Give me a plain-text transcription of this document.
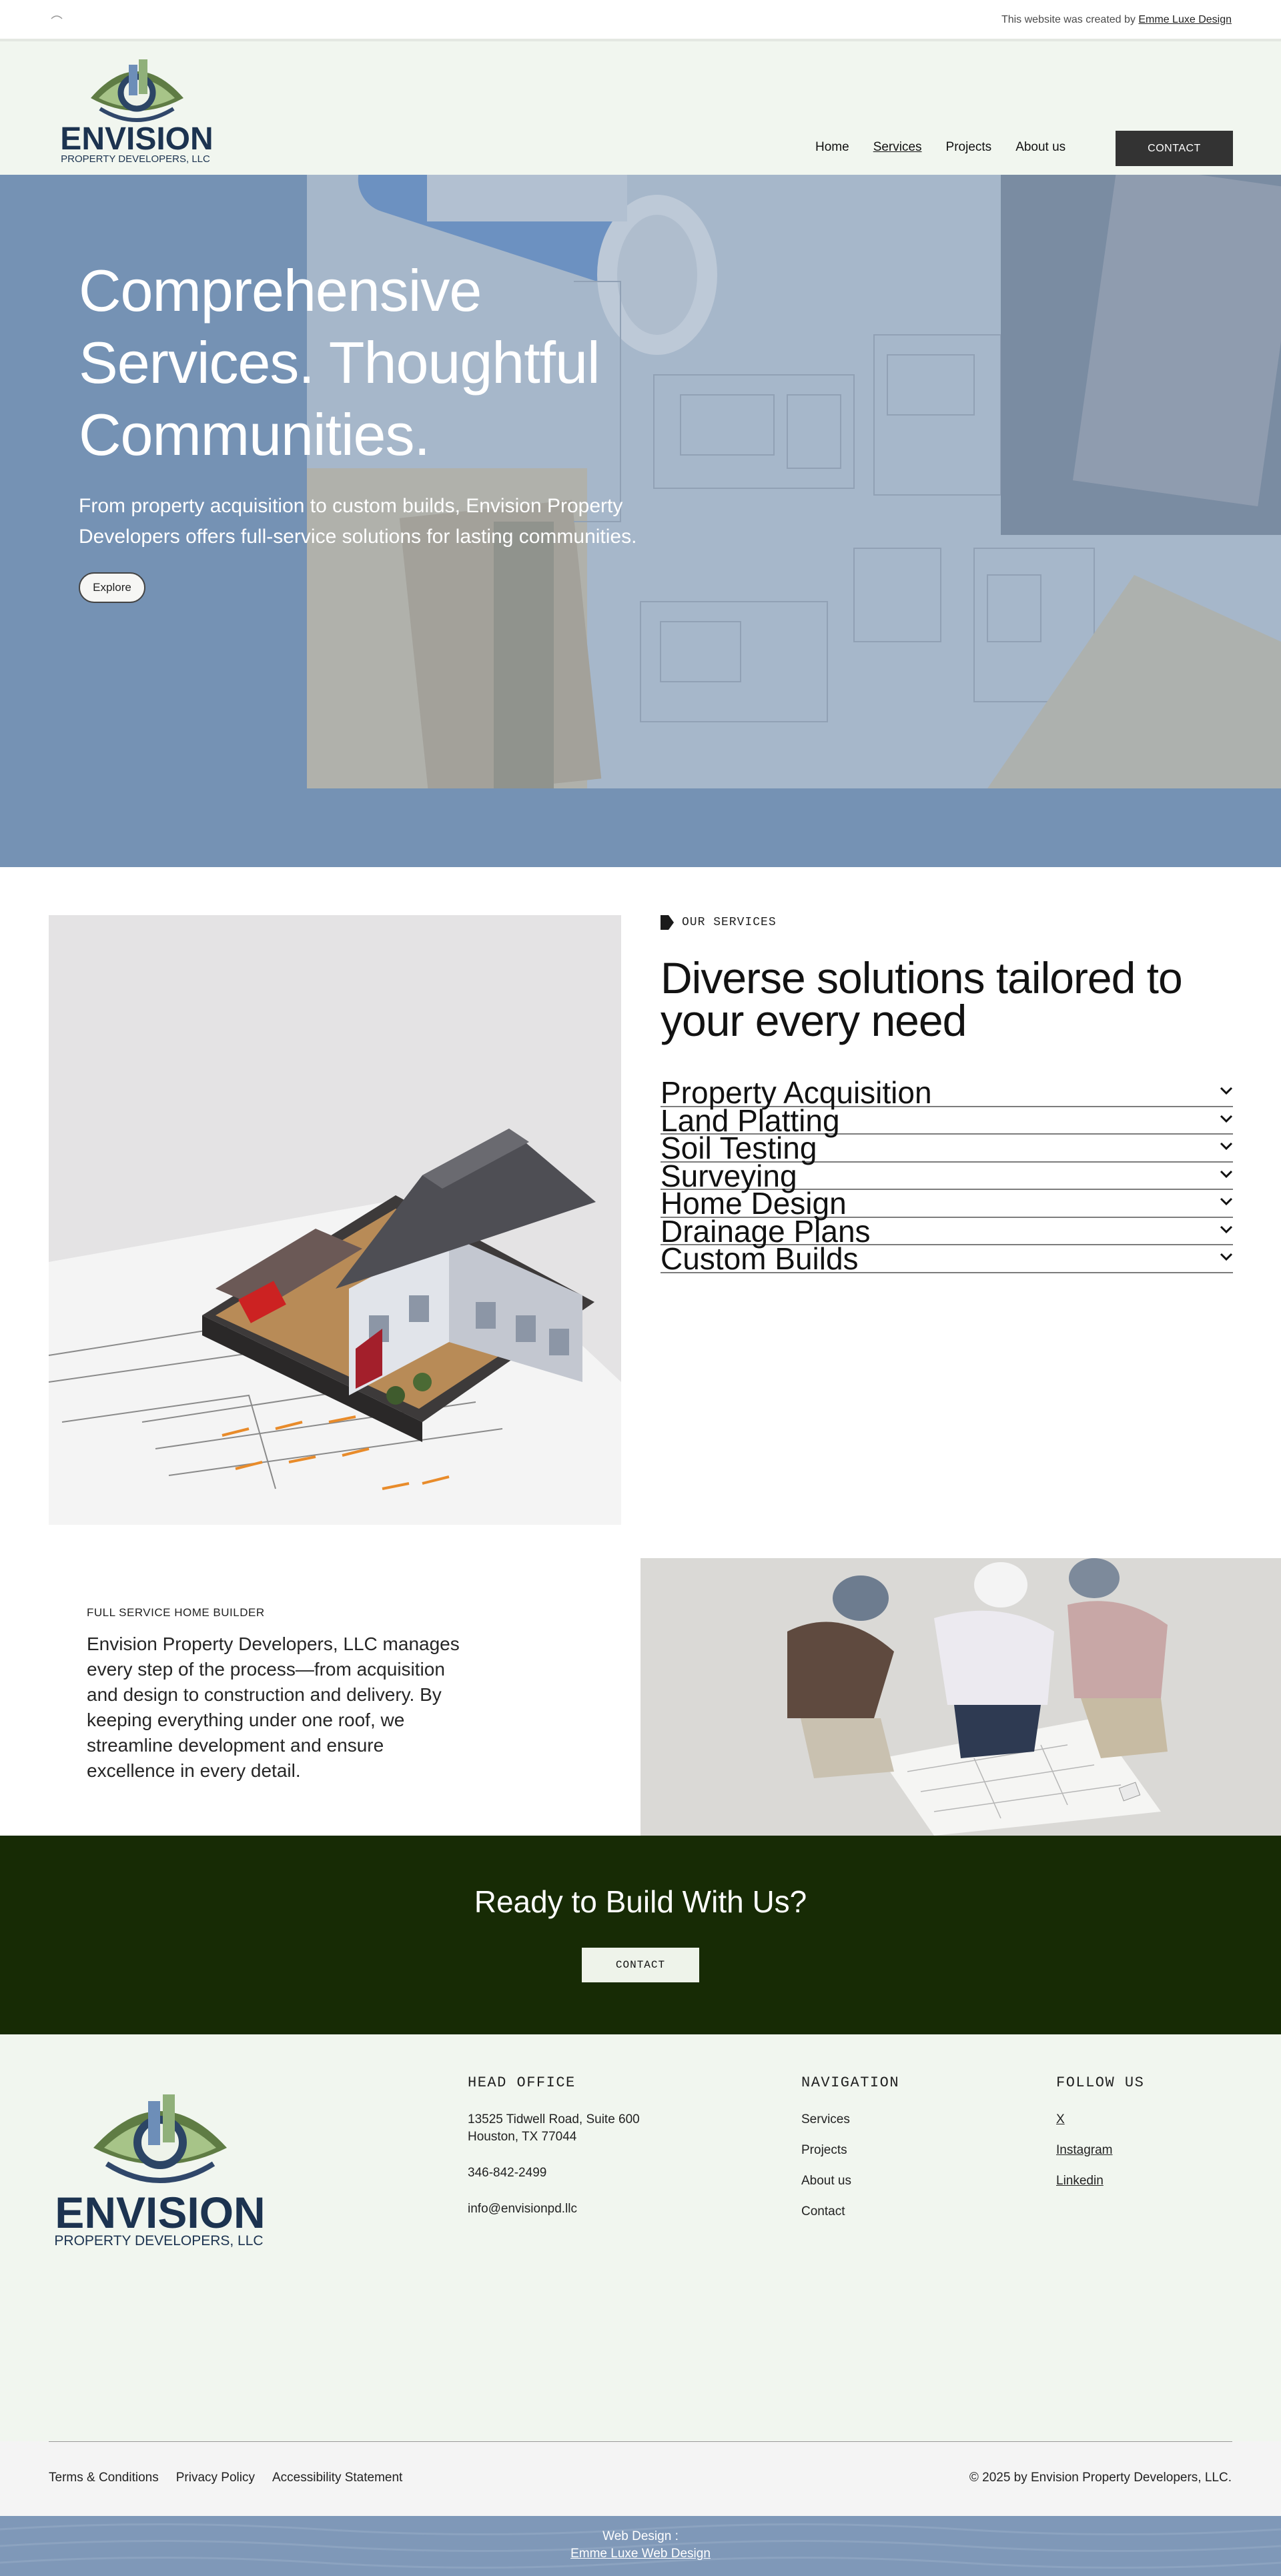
This website was created by Emme Luxe Design
ENVISION
PROPERTY DEVELOPERS, LLC
Home Services Projects About us	CONTACT
Comprehensive
Services. Thoughtful
Communities.

From property acquisition to custom builds, Envision Property Developers offers full-service solutions for lasting communities.

Explore
OUR SERVICES
Diverse solutions tailored to your every need
Property Acquisition
Land Platting
Soil Testing
Surveying
Home Design
Drainage Plans
Custom Builds

FULL SERVICE HOME BUILDER

Envision Property Developers, LLC manages every step of the process—from acquisition and design to construction and delivery. By keeping everything under one roof, we streamline development and ensure excellence in every detail.

Ready to Build With Us?
CONTACT
ENVISION
PROPERTY DEVELOPERS, LLC
HEAD OFFICE

13525 Tidwell Road, Suite 600

Houston, TX 77044

346-842-2499

info@envisionpd.llc

NAVIGATION
Services
Projects
About us
Contact
FOLLOW US
X
Instagram
Linkedin
Terms & Conditions Privacy Policy Accessibility Statement	© 2025 by Envision Property Developers, LLC.
Web Design :
Emme Luxe Web Design
